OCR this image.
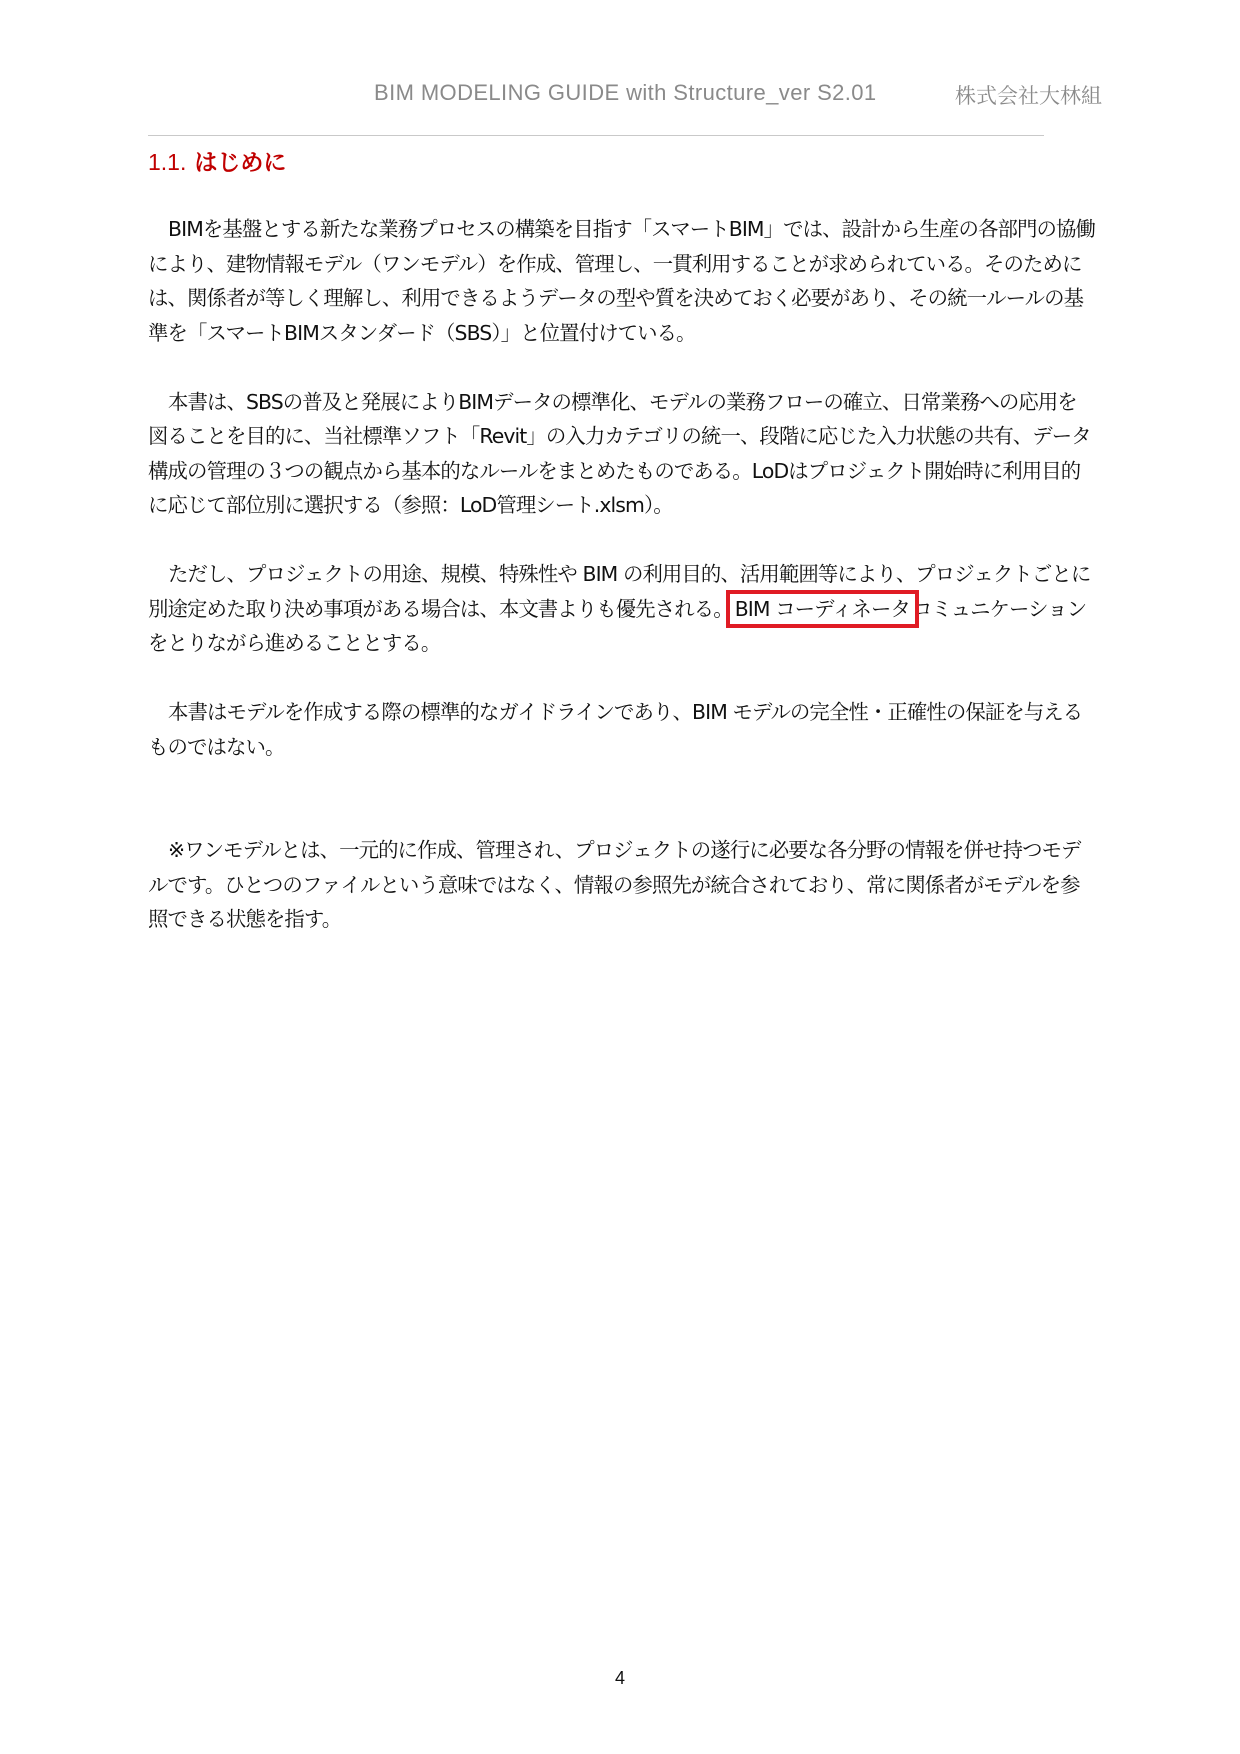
BIM MODELING GUIDE with Structure_ver S2.01	株式会社大林組
1.1. はじめに

BIMを基盤とする新たな業務プロセスの構築を目指す「スマートBIM」では、設計から生産の各部門の協働により、建物情報モデル（ワンモデル）を作成、管理し、一貫利用することが求められている。そのためには、関係者が等しく理解し、利用できるようデータの型や質を決めておく必要があり、その統一ルールの基準を「スマートBIMスタンダード（SBS）」と位置付けている。

本書は、SBSの普及と発展によりBIMデータの標準化、モデルの業務フローの確立、日常業務への応用を図ることを目的に、当社標準ソフト「Revit」の入力カテゴリの統一、段階に応じた入力状態の共有、データ構成の管理の３つの観点から基本的なルールをまとめたものである。LoDはプロジェクト開始時に利用目的に応じて部位別に選択する（参照：LoD管理シート.xlsm）。

ただし、プロジェクトの用途、規模、特殊性や BIM の利用目的、活用範囲等により、プロジェクトごとに別途定めた取り決め事項がある場合は、本文書よりも優先される。BIM コーディネータコミュニケーションをとりながら進めることとする。

本書はモデルを作成する際の標準的なガイドラインであり、BIM モデルの完全性・正確性の保証を与えるものではない。

※ワンモデルとは、一元的に作成、管理され、プロジェクトの遂行に必要な各分野の情報を併せ持つモデルです。ひとつのファイルという意味ではなく、情報の参照先が統合されており、常に関係者がモデルを参照できる状態を指す。

4
